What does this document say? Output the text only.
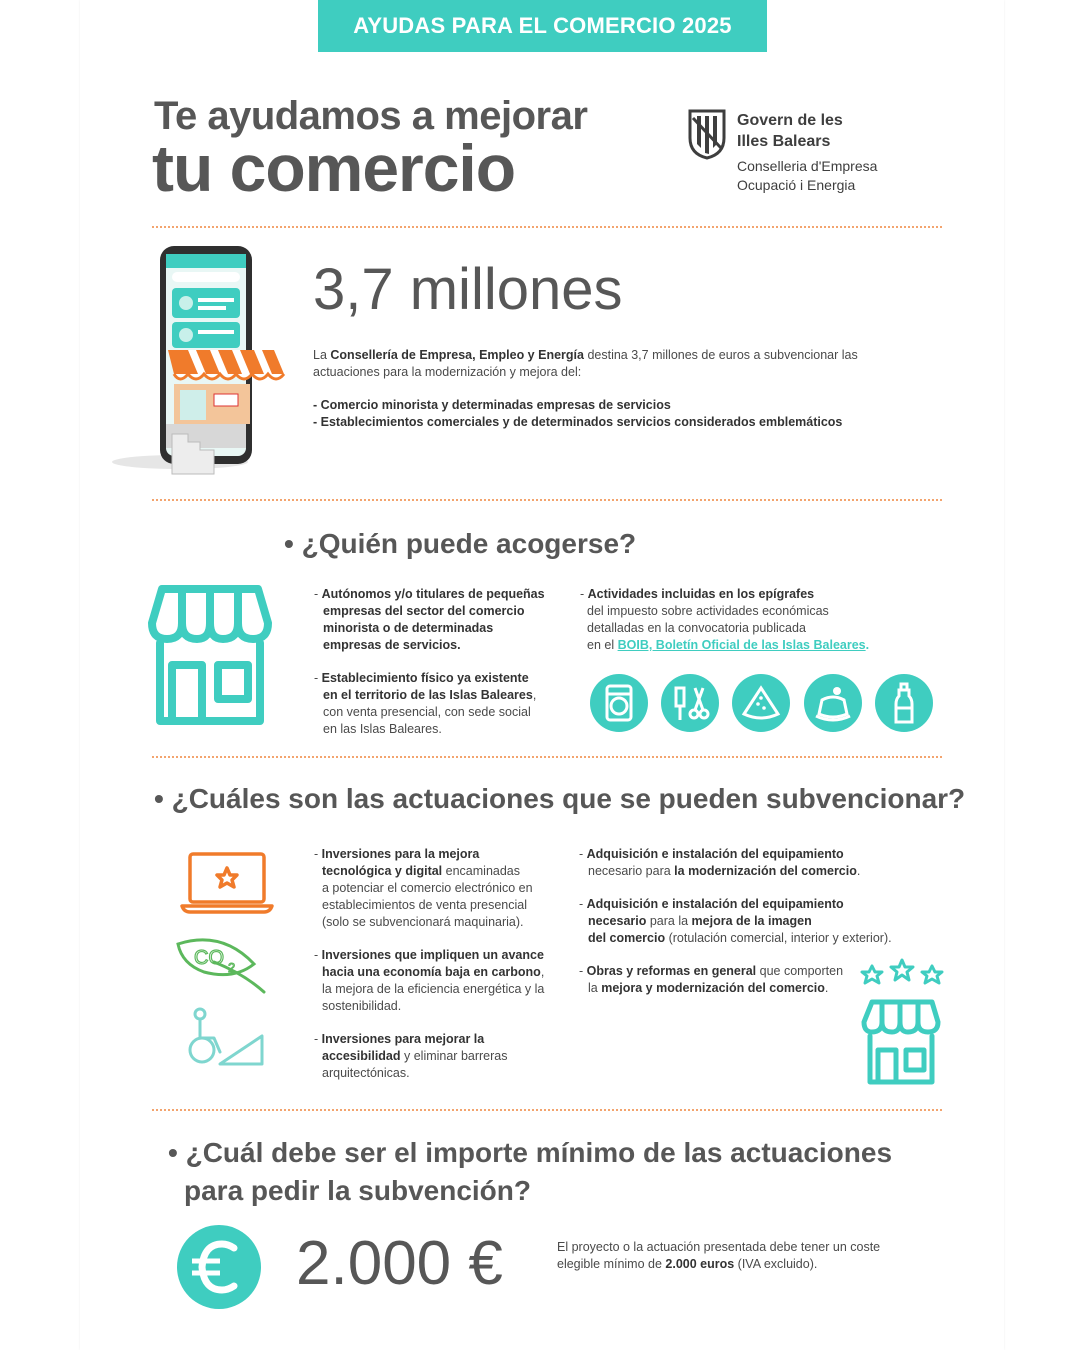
AYUDAS PARA EL COMERCIO 2025
Te ayudamos a mejorar
tu comercio
Govern de les
Illes Balears
Conselleria d'Empresa
Ocupació i Energia
3,7 millones
La Consellería de Empresa, Empleo y Energía destina 3,7 millones de euros a subvencionar las
actuaciones para la modernización y mejora del:
- Comercio minorista y determinadas empresas de servicios
- Establecimientos comerciales y de determinados servicios considerados emblemáticos
• ¿Quién puede acogerse?
- Autónomos y/o titulares de pequeñas
empresas del sector del comercio
minorista o de determinadas
empresas de servicios.
- Establecimiento físico ya existente
en el territorio de las Islas Baleares,
con venta presencial, con sede social
en las Islas Baleares.
- Actividades incluidas en los epígrafes
del impuesto sobre actividades económicas
detalladas en la convocatoria publicada
en el BOIB, Boletín Oficial de las Islas Baleares.
• ¿Cuáles son las actuaciones que se pueden subvencionar?
CO 2
- Inversiones para la mejora
tecnológica y digital encaminadas
a potenciar el comercio electrónico en
establecimientos de venta presencial
(solo se subvencionará maquinaria).
- Inversiones que impliquen un avance
hacia una economía baja en carbono,
la mejora de la eficiencia energética y la
sostenibilidad.
- Inversiones para mejorar la
accesibilidad y eliminar barreras
arquitectónicas.
- Adquisición e instalación del equipamiento
necesario para la modernización del comercio.
- Adquisición e instalación del equipamiento
necesario para la mejora de la imagen
del comercio (rotulación comercial, interior y exterior).
- Obras y reformas en general que comporten
la mejora y modernización del comercio.
• ¿Cuál debe ser el importe mínimo de las actuaciones
para pedir la subvención?
2.000 €	El proyecto o la actuación presentada debe tener un coste
elegible mínimo de 2.000 euros (IVA excluido).
